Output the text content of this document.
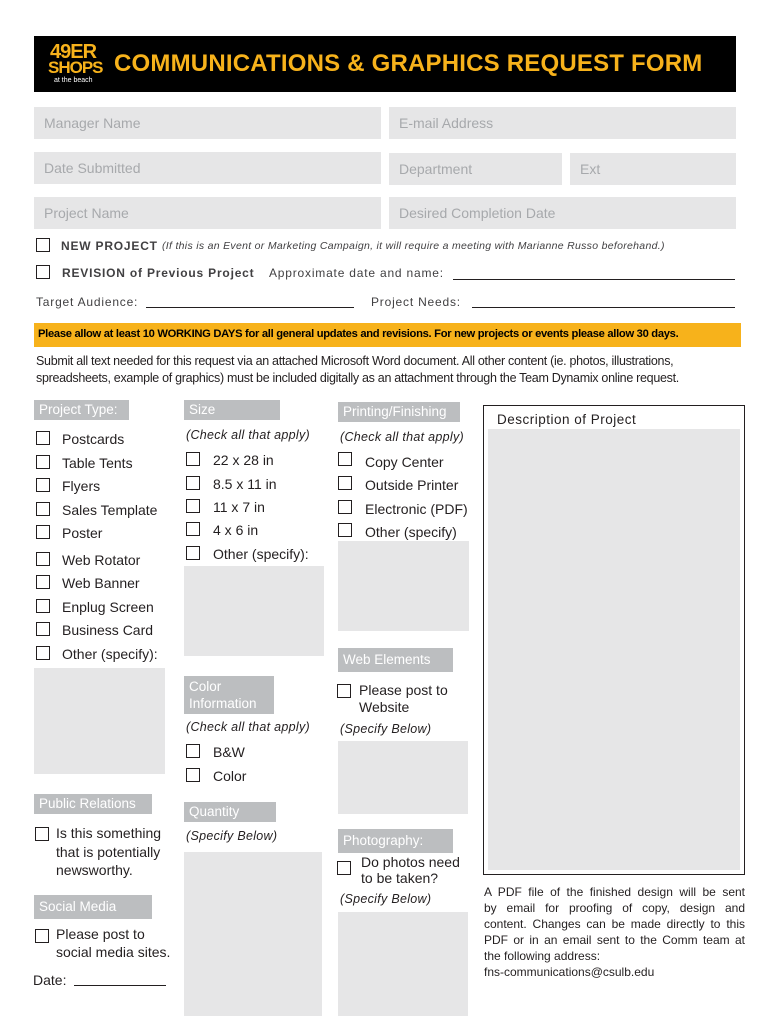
49ER
SHOPS
at the beach
COMMUNICATIONS & GRAPHICS REQUEST FORM
Manager Name	E-mail Address
Date Submitted	Department	Ext
Project Name	Desired Completion Date
NEW PROJECT (If this is an Event or Marketing Campaign, it will require a meeting with Marianne Russo beforehand.)
REVISION of Previous Project Approximate date and name:
Target Audience:	Project Needs:
Please allow at least 10 WORKING DAYS for all general updates and revisions. For new projects or events please allow 30 days.
Submit all text needed for this request via an attached Microsoft Word document. All other content (ie. photos, illustrations,
spreadsheets, example of graphics) must be included digitally as an attachment through the Team Dynamix online request.
Project Type:
Postcards
Table Tents
Flyers
Sales Template
Poster
Web Rotator
Web Banner
Enplug Screen
Business Card
Other (specify):
Public Relations
Is this something
that is potentially
newsworthy.
Social Media
Please post to
social media sites.
Date:
Size
(Check all that apply)
22 x 28 in
8.5 x 11 in
11 x 7 in
4 x 6 in
Other (specify):
Color
Information
(Check all that apply)
B&W
Color
Quantity
(Specify Below)
Printing/Finishing
(Check all that apply)
Copy Center
Outside Printer
Electronic (PDF)
Other (specify)
Web Elements
Please post to
Website
(Specify Below)
Photography:
Do photos need
to be taken?
(Specify Below)
Description of Project
A PDF file of the finished design will be sent
by email for proofing of copy, design and
content. Changes can be made directly to this
PDF or in an email sent to the Comm team at
the following address:
fns-communications@csulb.edu
